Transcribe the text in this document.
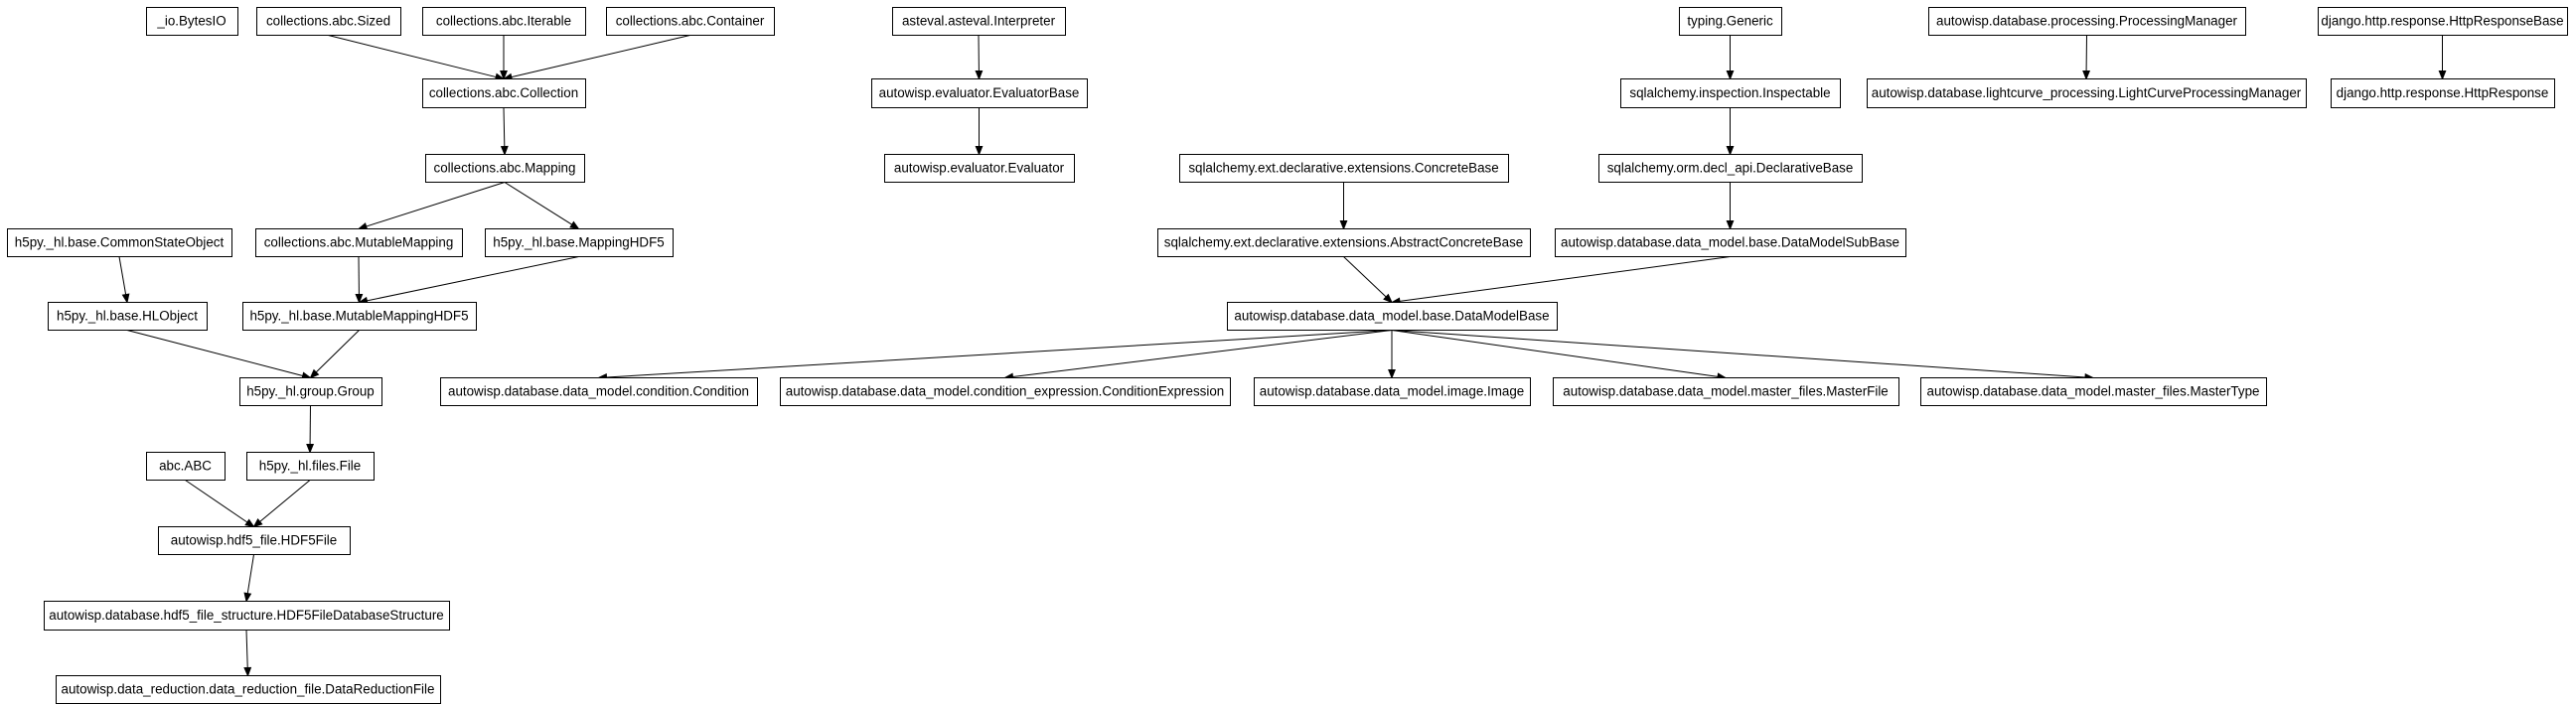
_io.BytesIO	collections.abc.Sized	collections.abc.Iterable	collections.abc.Container
collections.abc.Collection
collections.abc.Mapping
h5py._hl.base.CommonStateObject	collections.abc.MutableMapping	h5py._hl.base.MappingHDF5
h5py._hl.base.HLObject	h5py._hl.base.MutableMappingHDF5
h5py._hl.group.Group
abc.ABC	h5py._hl.files.File
autowisp.hdf5_file.HDF5File
autowisp.database.hdf5_file_structure.HDF5FileDatabaseStructure
autowisp.data_reduction.data_reduction_file.DataReductionFile
asteval.asteval.Interpreter
autowisp.evaluator.EvaluatorBase
autowisp.evaluator.Evaluator	sqlalchemy.ext.declarative.extensions.ConcreteBase
sqlalchemy.ext.declarative.extensions.AbstractConcreteBase
typing.Generic
sqlalchemy.inspection.Inspectable
sqlalchemy.orm.decl_api.DeclarativeBase
autowisp.database.data_model.base.DataModelSubBase
autowisp.database.data_model.base.DataModelBase
autowisp.database.data_model.condition.Condition	autowisp.database.data_model.condition_expression.ConditionExpression	autowisp.database.data_model.image.Image	autowisp.database.data_model.master_files.MasterFile	autowisp.database.data_model.master_files.MasterType
autowisp.database.processing.ProcessingManager
autowisp.database.lightcurve_processing.LightCurveProcessingManager
django.http.response.HttpResponseBase
django.http.response.HttpResponse
